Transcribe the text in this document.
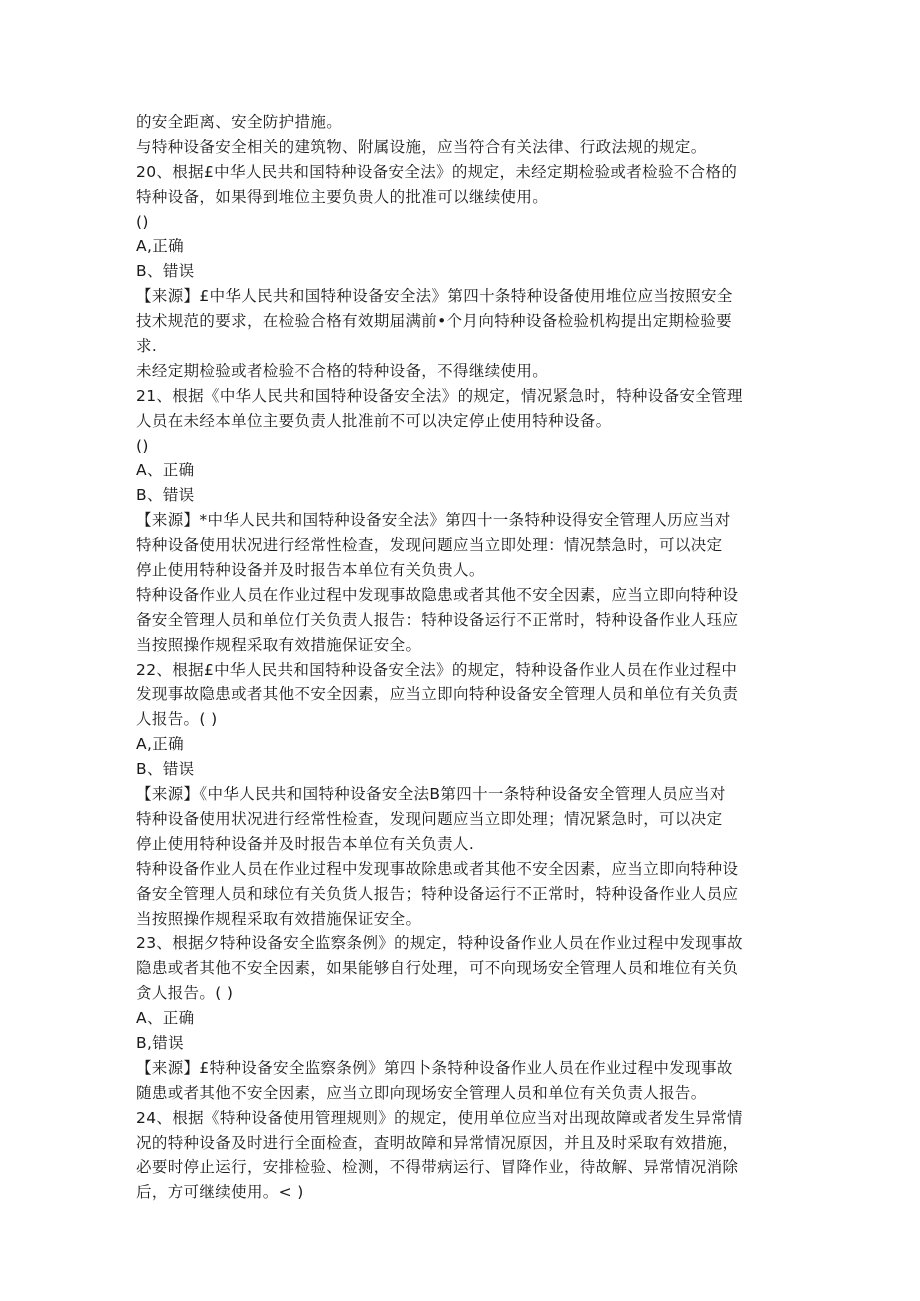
的安全距离、安全防护措施。
与特种设备安全相关的建筑物、附属设施，应当符合有关法律、行政法规的规定。
20、根据£中华人民共和国特种设备安全法》的规定，未经定期检验或者检验不合格的
特种设备，如果得到堆位主要负贵人的批准可以继续使用。
()
A,正确
B、错误
【来源】£中华人民共和国特种设备安全法》第四十条特种设备使用堆位应当按照安全
技术规范的要求，在检验合格有效期届满前•个月向特种设备检验机构提出定期检验要
求.
未经定期检验或者检验不合格的特种设备，不得继续使用。
21、根据《中华人民共和国特种设备安全法》的规定，情况紧急时，特种设备安全管理
人员在未经本单位主要负责人批准前不可以决定停止使用特种设备。
()
A、正确
B、错误
【来源】*中华人民共和国特种设备安全法》第四十一条特种设得安全管理人历应当对
特种设备使用状况进行经常性检查，发现问题应当立即处理：情况禁急时，可以决定
停止使用特种设备并及时报告本单位有关负贵人。
特种设备作业人员在作业过程中发现事故隐患或者其他不安全因素，应当立即向特种设
备安全管理人员和单位仃关负责人报告：特种设备运行不正常时，特种设备作业人珏应
当按照操作规程采取有效措施保证安全。
22、根据£中华人民共和国特种设备安全法》的规定，特种设备作业人员在作业过程中
发现事故隐患或者其他不安全因素，应当立即向特种设备安全管理人员和单位有关负责
人报告。( )
A,正确
B、错误
【来源】《中华人民共和国特种设备安全法B第四十一条特种设备安全管理人员应当对
特种设备使用状况进行经常性检查，发现问题应当立即处理；情况紧急时，可以决定
停止使用特种设备并及时报告本单位有关负责人.
特种设备作业人员在作业过程中发现事故除患或者其他不安全因素，应当立即向特种设
备安全管理人员和球位有关负货人报告；特种设备运行不正常时，特种设备作业人员应
当按照操作规程采取有效措施保证安全。
23、根据夕特种设备安全监察条例》的规定，特种设备作业人员在作业过程中发现事故
隐患或者其他不安全因素，如果能够自行处理，可不向现场安全管理人员和堆位有关负
贪人报告。( )
A、正确
B,错误
【来源】£特种设备安全监察条例》第四卜条特种设备作业人员在作业过程中发现事故
随患或者其他不安全因素，应当立即向现场安全管理人员和单位有关负责人报告。
24、根据《特种设备使用管理规则》的规定，使用单位应当对出现故障或者发生异常情
况的特种设备及时进行全面检查，査明故障和异常情况原因，并且及时采取有效措施，
必要时停止运行，安排检验、检测，不得带病运行、冒降作业，待故解、异常情况消除
后，方可继续使用。< )
